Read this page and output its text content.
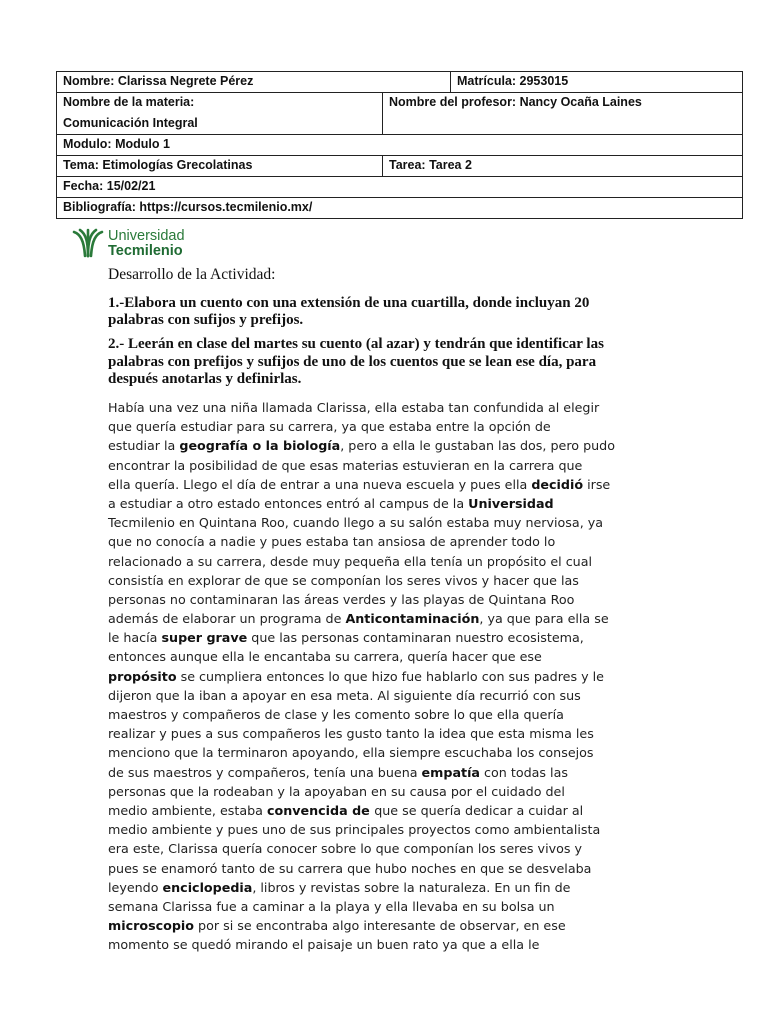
Nombre: Clarissa Negrete Pérez		Matrícula: 2953015
Nombre de la materia:
Comunicación Integral	Nombre del profesor: Nancy Ocaña Laines	
Modulo: Modulo 1		
Tema: Etimologías Grecolatinas	Tarea: Tarea 2	
Fecha: 15/02/21		
Bibliografía: https://cursos.tecmilenio.mx/		
Universidad
Tecmilenio
Desarrollo de la Actividad:
1.-Elabora un cuento con una extensión de una cuartilla, donde incluyan 20
palabras con sufijos y prefijos.
2.- Leerán en clase del martes su cuento (al azar) y tendrán que identificar las
palabras con prefijos y sufijos de uno de los cuentos que se lean ese día, para
después anotarlas y definirlas.
Había una vez una niña llamada Clarissa, ella estaba tan confundida al elegir
que quería estudiar para su carrera, ya que estaba entre la opción de
estudiar la geografía o la biología, pero a ella le gustaban las dos, pero pudo
encontrar la posibilidad de que esas materias estuvieran en la carrera que
ella quería. Llego el día de entrar a una nueva escuela y pues ella decidió irse
a estudiar a otro estado entonces entró al campus de la Universidad
Tecmilenio en Quintana Roo, cuando llego a su salón estaba muy nerviosa, ya
que no conocía a nadie y pues estaba tan ansiosa de aprender todo lo
relacionado a su carrera, desde muy pequeña ella tenía un propósito el cual
consistía en explorar de que se componían los seres vivos y hacer que las
personas no contaminaran las áreas verdes y las playas de Quintana Roo
además de elaborar un programa de Anticontaminación, ya que para ella se
le hacía super grave que las personas contaminaran nuestro ecosistema,
entonces aunque ella le encantaba su carrera, quería hacer que ese
propósito se cumpliera entonces lo que hizo fue hablarlo con sus padres y le
dijeron que la iban a apoyar en esa meta. Al siguiente día recurrió con sus
maestros y compañeros de clase y les comento sobre lo que ella quería
realizar y pues a sus compañeros les gusto tanto la idea que esta misma les
menciono que la terminaron apoyando, ella siempre escuchaba los consejos
de sus maestros y compañeros, tenía una buena empatía con todas las
personas que la rodeaban y la apoyaban en su causa por el cuidado del
medio ambiente, estaba convencida de que se quería dedicar a cuidar al
medio ambiente y pues uno de sus principales proyectos como ambientalista
era este, Clarissa quería conocer sobre lo que componían los seres vivos y
pues se enamoró tanto de su carrera que hubo noches en que se desvelaba
leyendo enciclopedia, libros y revistas sobre la naturaleza. En un fin de
semana Clarissa fue a caminar a la playa y ella llevaba en su bolsa un
microscopio por si se encontraba algo interesante de observar, en ese
momento se quedó mirando el paisaje un buen rato ya que a ella le
